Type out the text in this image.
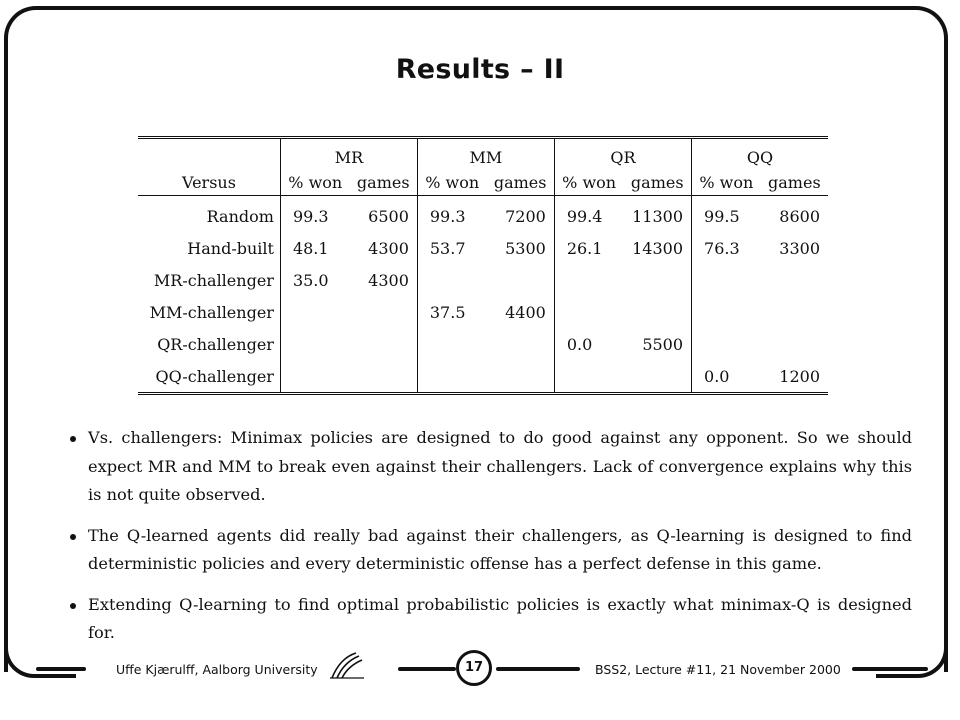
Results – II
	MR		MM		QR		QQ	
Versus	% won	games	% won	games	% won	games	% won	games
Random	99.3	6500	99.3	7200	99.4	11300	99.5	8600
Hand-built	48.1	4300	53.7	5300	26.1	14300	76.3	3300
MR-challenger	35.0	4300						
MM-challenger			37.5	4400				
QR-challenger					0.0	5500		
QQ-challenger							0.0	1200
Vs. challengers: Minimax policies are designed to do good against any opponent. So we should expect MR and MM to break even against their challengers. Lack of convergence explains why this is not quite observed.
The Q-learned agents did really bad against their challengers, as Q-learning is designed to find deterministic policies and every deterministic offense has a perfect defense in this game.
Extending Q-learning to find optimal probabilistic policies is exactly what minimax-Q is designed for.
Uffe Kjærulff, Aalborg University	17	BSS2, Lecture #11, 21 November 2000
